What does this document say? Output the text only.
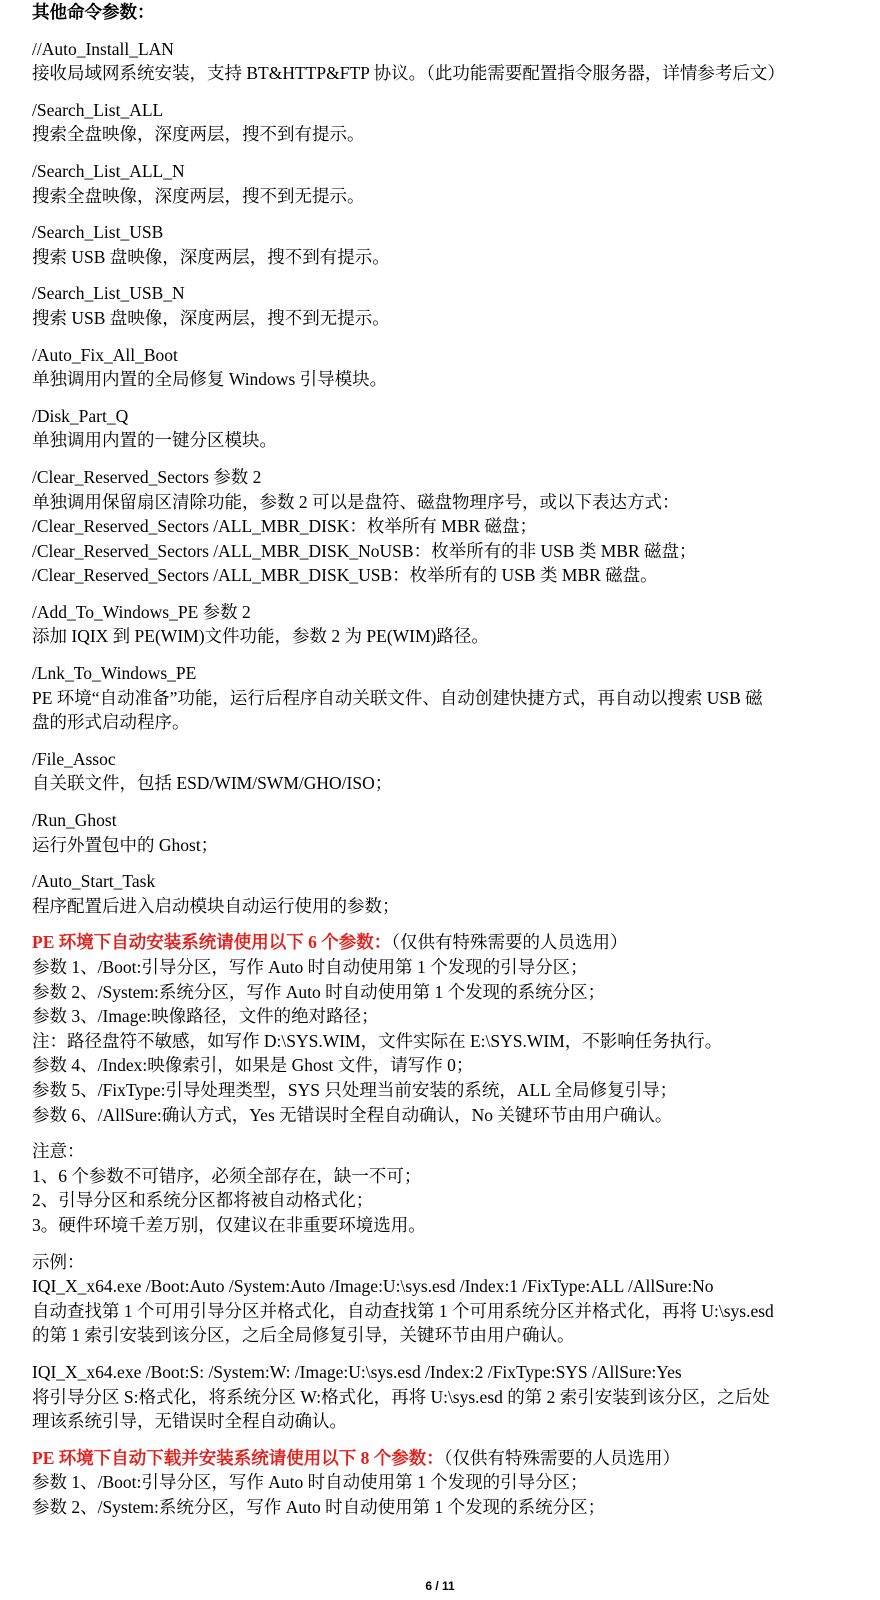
其他命令参数：
//Auto_Install_LAN
接收局域网系统安装，支持 BT&HTTP&FTP 协议。（此功能需要配置指令服务器，详情参考后文）
/Search_List_ALL
搜索全盘映像，深度两层，搜不到有提示。
/Search_List_ALL_N
搜索全盘映像，深度两层，搜不到无提示。
/Search_List_USB
搜索 USB 盘映像，深度两层，搜不到有提示。
/Search_List_USB_N
搜索 USB 盘映像，深度两层，搜不到无提示。
/Auto_Fix_All_Boot
单独调用内置的全局修复 Windows 引导模块。
/Disk_Part_Q
单独调用内置的一键分区模块。
/Clear_Reserved_Sectors 参数 2
单独调用保留扇区清除功能，参数 2 可以是盘符、磁盘物理序号，或以下表达方式：
/Clear_Reserved_Sectors /ALL_MBR_DISK：枚举所有 MBR 磁盘；
/Clear_Reserved_Sectors /ALL_MBR_DISK_NoUSB：枚举所有的非 USB 类 MBR 磁盘；
/Clear_Reserved_Sectors /ALL_MBR_DISK_USB：枚举所有的 USB 类 MBR 磁盘。
/Add_To_Windows_PE 参数 2
添加 IQIX 到 PE(WIM)文件功能，参数 2 为 PE(WIM)路径。
/Lnk_To_Windows_PE
PE 环境“自动准备”功能，运行后程序自动关联文件、自动创建快捷方式，再自动以搜索 USB 磁
盘的形式启动程序。
/File_Assoc
自关联文件，包括 ESD/WIM/SWM/GHO/ISO；
/Run_Ghost
运行外置包中的 Ghost；
/Auto_Start_Task
程序配置后进入启动模块自动运行使用的参数；
PE 环境下自动安装系统请使用以下 6 个参数：（仅供有特殊需要的人员选用）
参数 1、/Boot:引导分区，写作 Auto 时自动使用第 1 个发现的引导分区；
参数 2、/System:系统分区，写作 Auto 时自动使用第 1 个发现的系统分区；
参数 3、/Image:映像路径，文件的绝对路径；
注：路径盘符不敏感，如写作 D:\SYS.WIM，文件实际在 E:\SYS.WIM，不影响任务执行。
参数 4、/Index:映像索引，如果是 Ghost 文件，请写作 0；
参数 5、/FixType:引导处理类型，SYS 只处理当前安装的系统，ALL 全局修复引导；
参数 6、/AllSure:确认方式，Yes 无错误时全程自动确认，No 关键环节由用户确认。
注意：
1、6 个参数不可错序，必须全部存在，缺一不可；
2、引导分区和系统分区都将被自动格式化；
3。硬件环境千差万别，仅建议在非重要环境选用。
示例：
IQI_X_x64.exe /Boot:Auto /System:Auto /Image:U:\sys.esd /Index:1 /FixType:ALL /AllSure:No
自动查找第 1 个可用引导分区并格式化，自动查找第 1 个可用系统分区并格式化，再将 U:\sys.esd
的第 1 索引安装到该分区，之后全局修复引导，关键环节由用户确认。
IQI_X_x64.exe /Boot:S: /System:W: /Image:U:\sys.esd /Index:2 /FixType:SYS /AllSure:Yes
将引导分区 S:格式化，将系统分区 W:格式化，再将 U:\sys.esd 的第 2 索引安装到该分区，之后处
理该系统引导，无错误时全程自动确认。
PE 环境下自动下载并安装系统请使用以下 8 个参数：（仅供有特殊需要的人员选用）
参数 1、/Boot:引导分区，写作 Auto 时自动使用第 1 个发现的引导分区；
参数 2、/System:系统分区，写作 Auto 时自动使用第 1 个发现的系统分区；
6 / 11
